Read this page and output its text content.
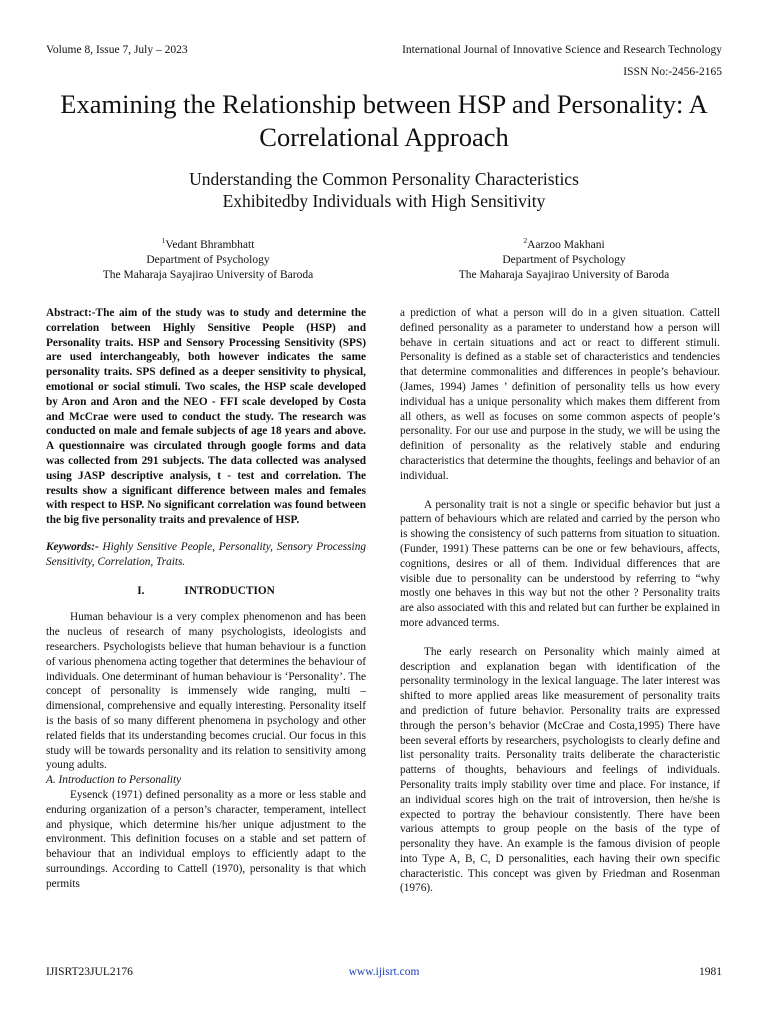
Volume 8, Issue 7, July – 2023	International Journal of Innovative Science and Research Technology
ISSN No:-2456-2165
Examining the Relationship between HSP and Personality: A Correlational Approach
Understanding the Common Personality Characteristics
Exhibitedby Individuals with High Sensitivity
$^1$Vedant Bhrambhatt
Department of Psychology
The Maharaja Sayajirao University of Baroda
$^2$Aarzoo Makhani
Department of Psychology
The Maharaja Sayajirao University of Baroda

Abstract:-The aim of the study was to study and determine the correlation between Highly Sensitive People (HSP) and Personality traits. HSP and Sensory Processing Sensitivity (SPS) are used interchangeably, both however indicates the same personality traits. SPS defined as a deeper sensitivity to physical, emotional or social stimuli. Two scales, the HSP scale developed by Aron and Aron and the NEO - FFI scale developed by Costa and McCrae were used to conduct the study. The research was conducted on male and female subjects of age 18 years and above. A questionnaire was circulated through google forms and data was collected from 291 subjects. The data collected was analysed using JASP descriptive analysis, t - test and correlation. The results show a significant difference between males and females with respect to HSP. No significant correlation was found between the big five personality traits and prevalence of HSP.

Keywords:- Highly Sensitive People, Personality, Sensory Processing Sensitivity, Correlation, Traits.

I.	INTRODUCTION

Human behaviour is a very complex phenomenon and has been the nucleus of research of many psychologists, ideologists and researchers. Psychologists believe that human behaviour is a function of various phenomena acting together that determines the behaviour of individuals. One determinant of human behaviour is ‘Personality’. The concept of personality is immensely wide ranging, multi – dimensional, comprehensive and equally interesting. Personality itself is the basis of so many different phenomena in psychology and other related fields that its understanding becomes crucial. Our focus in this study will be towards personality and its relation to sensitivity among young adults.

A. Introduction to Personality

Eysenck (1971) defined personality as a more or less stable and enduring organization of a person’s character, temperament, intellect and physique, which determine his/her unique adjustment to the environment. This definition focuses on a stable and set pattern of behaviour that an individual employs to efficiently adapt to the surroundings. According to Cattell (1970), personality is that which permits

a prediction of what a person will do in a given situation. Cattell defined personality as a parameter to understand how a person will behave in certain situations and act or react to different stimuli. Personality is defined as a stable set of characteristics and tendencies that determine commonalities and differences in people’s behaviour. (James, 1994) James ’ definition of personality tells us how every individual has a unique personality which makes them different from all others, as well as focuses on some common aspects of people’s personality. For our use and purpose in the study, we will be using the definition of personality as the relatively stable and enduring characteristics that determine the thoughts, feelings and behavior of an individual.

A personality trait is not a single or specific behavior but just a pattern of behaviours which are related and carried by the person who is showing the consistency of such patterns from situation to situation.(Funder, 1991) These patterns can be one or few behaviours, affects, cognitions, desires or all of them. Individual differences that are visible due to personality can be understood by referring to “why mostly one behaves in this way but not the other ? Personality traits are also associated with this and related but can further be explained in more advanced terms.

The early research on Personality which mainly aimed at description and explanation began with identification of the personality terminology in the lexical language. The later interest was shifted to more applied areas like measurement of personality traits and prediction of future behavior. Personality traits are expressed through the person’s behavior (McCrae and Costa,1995) There have been several efforts by researchers, psychologists to clearly define and list personality traits. Personality traits deliberate the characteristic patterns of thoughts, behaviours and feelings of individuals. Personality traits imply stability over time and place. For instance, if an individual scores high on the trait of introversion, then he/she is expected to portray the behaviour consistently. There have been various attempts to group people on the basis of the type of personality they have. An example is the famous division of people into Type A, B, C, D personalities, each having their own specific characteristic. This concept was given by Friedman and Rosenman (1976).

IJISRT23JUL2176	www.ijisrt.com	1981
